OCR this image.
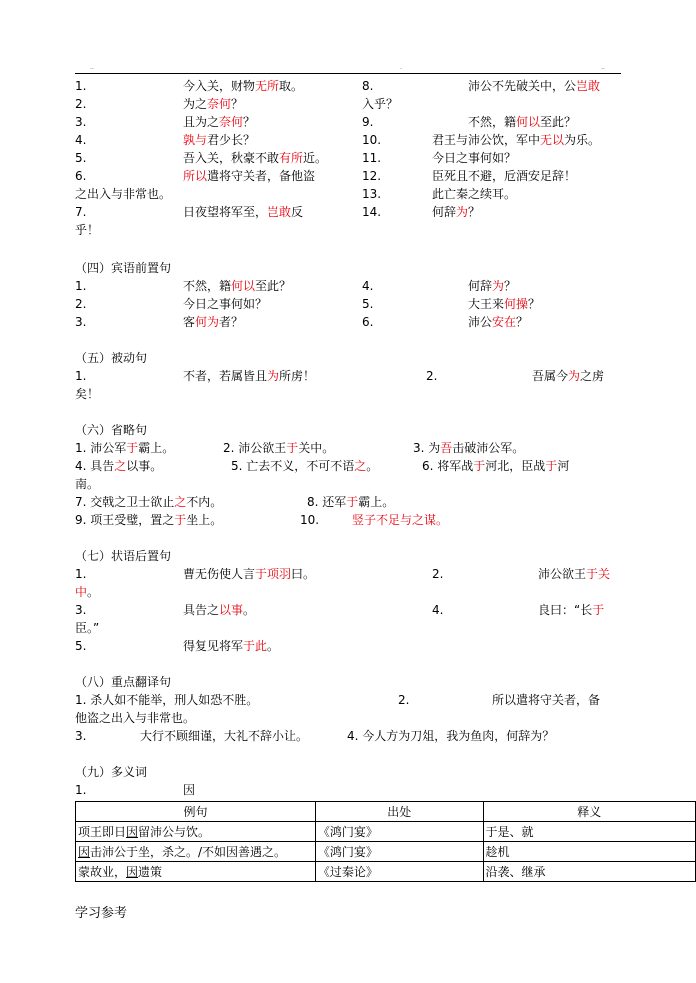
..	.	..
1.	今入关，财物无所取。
2.	为之奈何？
3.	且为之奈何？
4.	孰与君少长？
5.	吾入关，秋豪不敢有所近。
6.	所以遣将守关者，备他盗
之出入与非常也。
7.	日夜望将军至，岂敢反
乎！
8.	沛公不先破关中，公岂敢
入乎？
9.	不然，籍何以至此？
10.	君王与沛公饮，军中无以为乐。
11.	今日之事何如？
12.	臣死且不避，卮酒安足辞！
13.	此亡秦之续耳。
14.	何辞为？
（四）宾语前置句
1.	不然，籍何以至此？
2.	今日之事何如？
3.	客何为者？
4.	何辞为？
5.	大王来何操？
6.	沛公安在？
（五）被动句
1.	不者，若属皆且为所虏！	2.	吾属今为之虏
矣！
（六）省略句
1. 沛公军于霸上。	2. 沛公欲王于关中。	3. 为吾击破沛公军。
4. 具告之以事。	5. 亡去不义，不可不语之。	6. 将军战于河北，臣战于河
南。
7. 交戟之卫士欲止之不内。	8. 还军于霸上。
9. 项王受璧，置之于坐上。	10.	竖子不足与之谋。
（七）状语后置句
1.	曹无伤使人言于项羽曰。	2.	沛公欲王于关
中。
3.	具告之以事。	4.	良曰：“长于
臣。”
5.	得复见将军于此。
（八）重点翻译句
1. 杀人如不能举，刑人如恐不胜。	2.	所以遣将守关者，备
他盗之出入与非常也。
3.	大行不顾细谨，大礼不辞小让。	4. 今人方为刀俎，我为鱼肉，何辞为？
（九）多义词
1.	因
例句	出处	释义
项王即日因留沛公与饮。	《鸿门宴》	于是、就
因击沛公于坐，杀之。/不如因善遇之。	《鸿门宴》	趁机
蒙故业，因遗策	《过秦论》	沿袭、继承
学习参考
